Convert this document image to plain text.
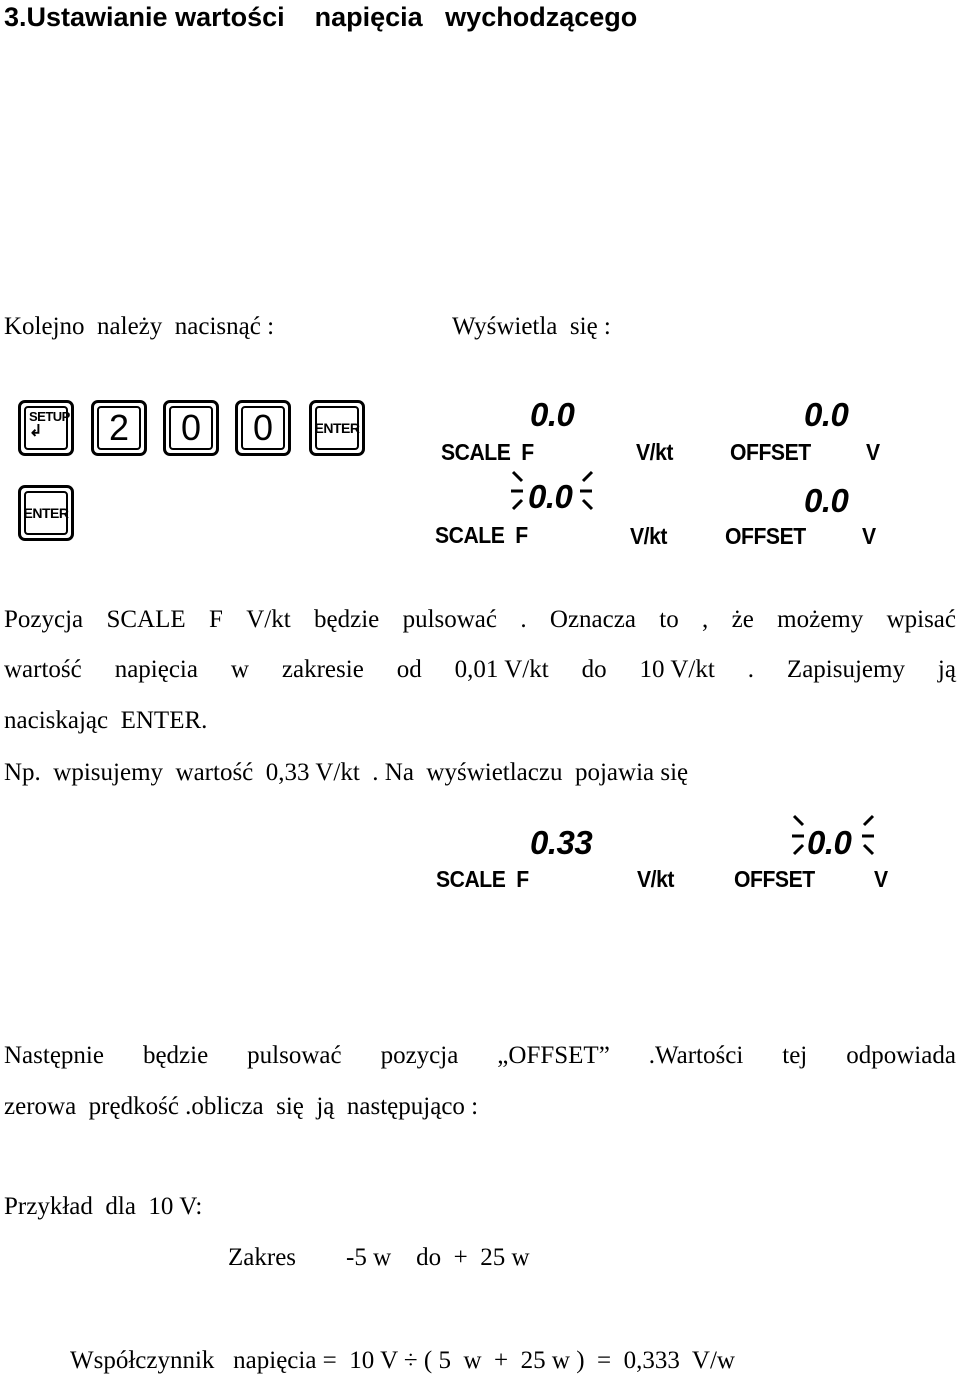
3.Ustawianie wartości    napięcia   wychodzącego
Kolejno  należy  nacisnąć :	Wyświetla  się :
SETUP
↲ 2 0 0	ENTER
ENTER
0.0	0.0
SCALE  F	V/kt OFFSET V
0.0	0.0
SCALE  F	V/kt	OFFSET V
Pozycja SCALE F V/kt będzie pulsować . Oznacza to , że możemy wpisać
wartość napięcia w zakresie od 0,01 V/kt do 10 V/kt . Zapisujemy ją
naciskając  ENTER.
Np.  wpisujemy  wartość  0,33 V/kt  . Na  wyświetlaczu  pojawia się
0.33	0.0
SCALE  F	V/kt	OFFSET	V
Następnie będzie pulsować pozycja „OFFSET” .Wartości tej odpowiada
zerowa  prędkość .oblicza  się  ją  następująco :
Przykład  dla  10 V:
Zakres        -5 w    do  +  25 w
Współczynnik   napięcia =  10 V ÷ ( 5  w  +  25 w )  =  0,333  V/w
